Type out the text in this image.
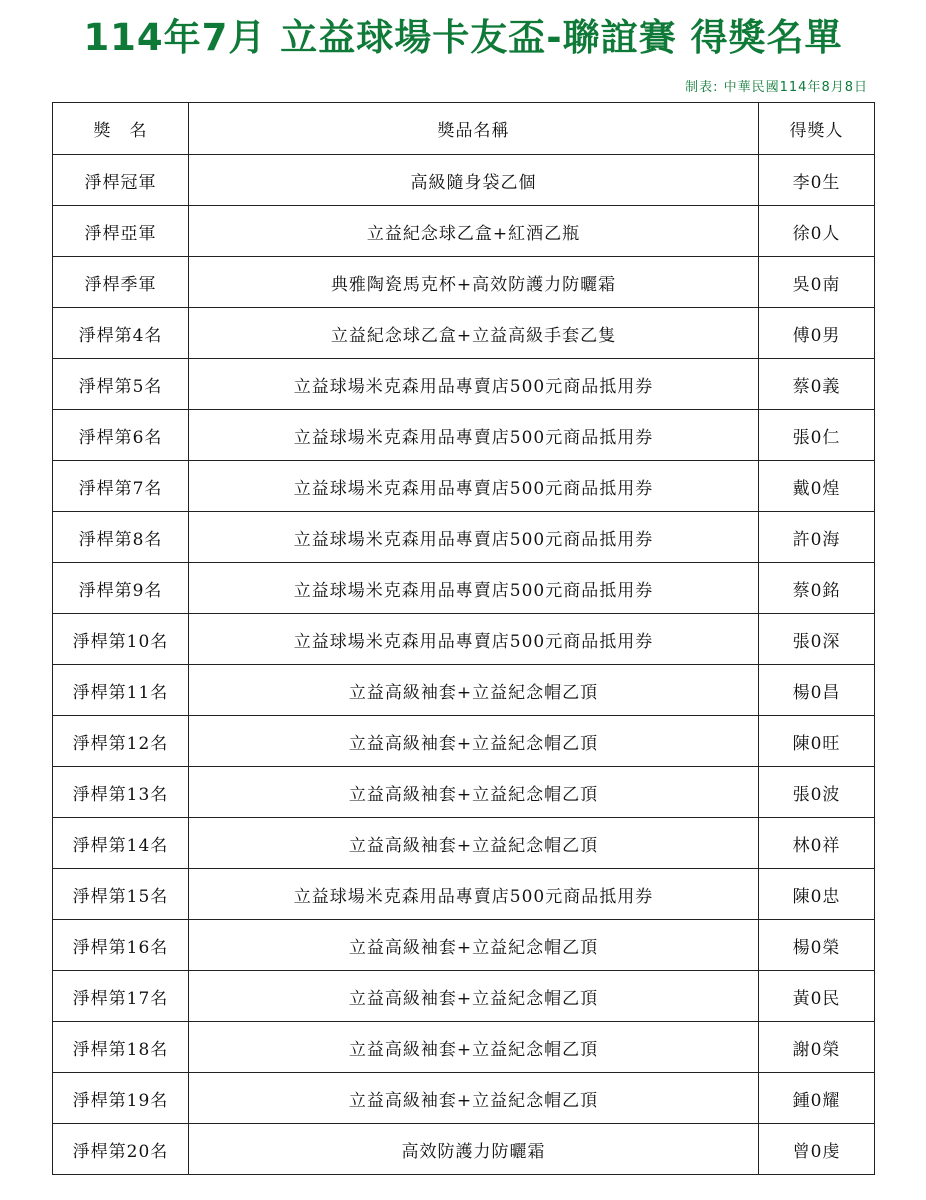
114年7月 立益球場卡友盃-聯誼賽 得獎名單
制表: 中華民國114年8月8日
獎　名	獎品名稱	得獎人
淨桿冠軍	高級隨身袋乙個	李0生
淨桿亞軍	立益紀念球乙盒+紅酒乙瓶	徐0人
淨桿季軍	典雅陶瓷馬克杯+高效防護力防曬霜	吳0南
淨桿第4名	立益紀念球乙盒+立益高級手套乙隻	傅0男
淨桿第5名	立益球場米克森用品專賣店500元商品抵用券	蔡0義
淨桿第6名	立益球場米克森用品專賣店500元商品抵用券	張0仁
淨桿第7名	立益球場米克森用品專賣店500元商品抵用券	戴0煌
淨桿第8名	立益球場米克森用品專賣店500元商品抵用券	許0海
淨桿第9名	立益球場米克森用品專賣店500元商品抵用券	蔡0銘
淨桿第10名	立益球場米克森用品專賣店500元商品抵用券	張0深
淨桿第11名	立益高級袖套+立益紀念帽乙頂	楊0昌
淨桿第12名	立益高級袖套+立益紀念帽乙頂	陳0旺
淨桿第13名	立益高級袖套+立益紀念帽乙頂	張0波
淨桿第14名	立益高級袖套+立益紀念帽乙頂	林0祥
淨桿第15名	立益球場米克森用品專賣店500元商品抵用券	陳0忠
淨桿第16名	立益高級袖套+立益紀念帽乙頂	楊0榮
淨桿第17名	立益高級袖套+立益紀念帽乙頂	黃0民
淨桿第18名	立益高級袖套+立益紀念帽乙頂	謝0榮
淨桿第19名	立益高級袖套+立益紀念帽乙頂	鍾0耀
淨桿第20名	高效防護力防曬霜	曾0虔
